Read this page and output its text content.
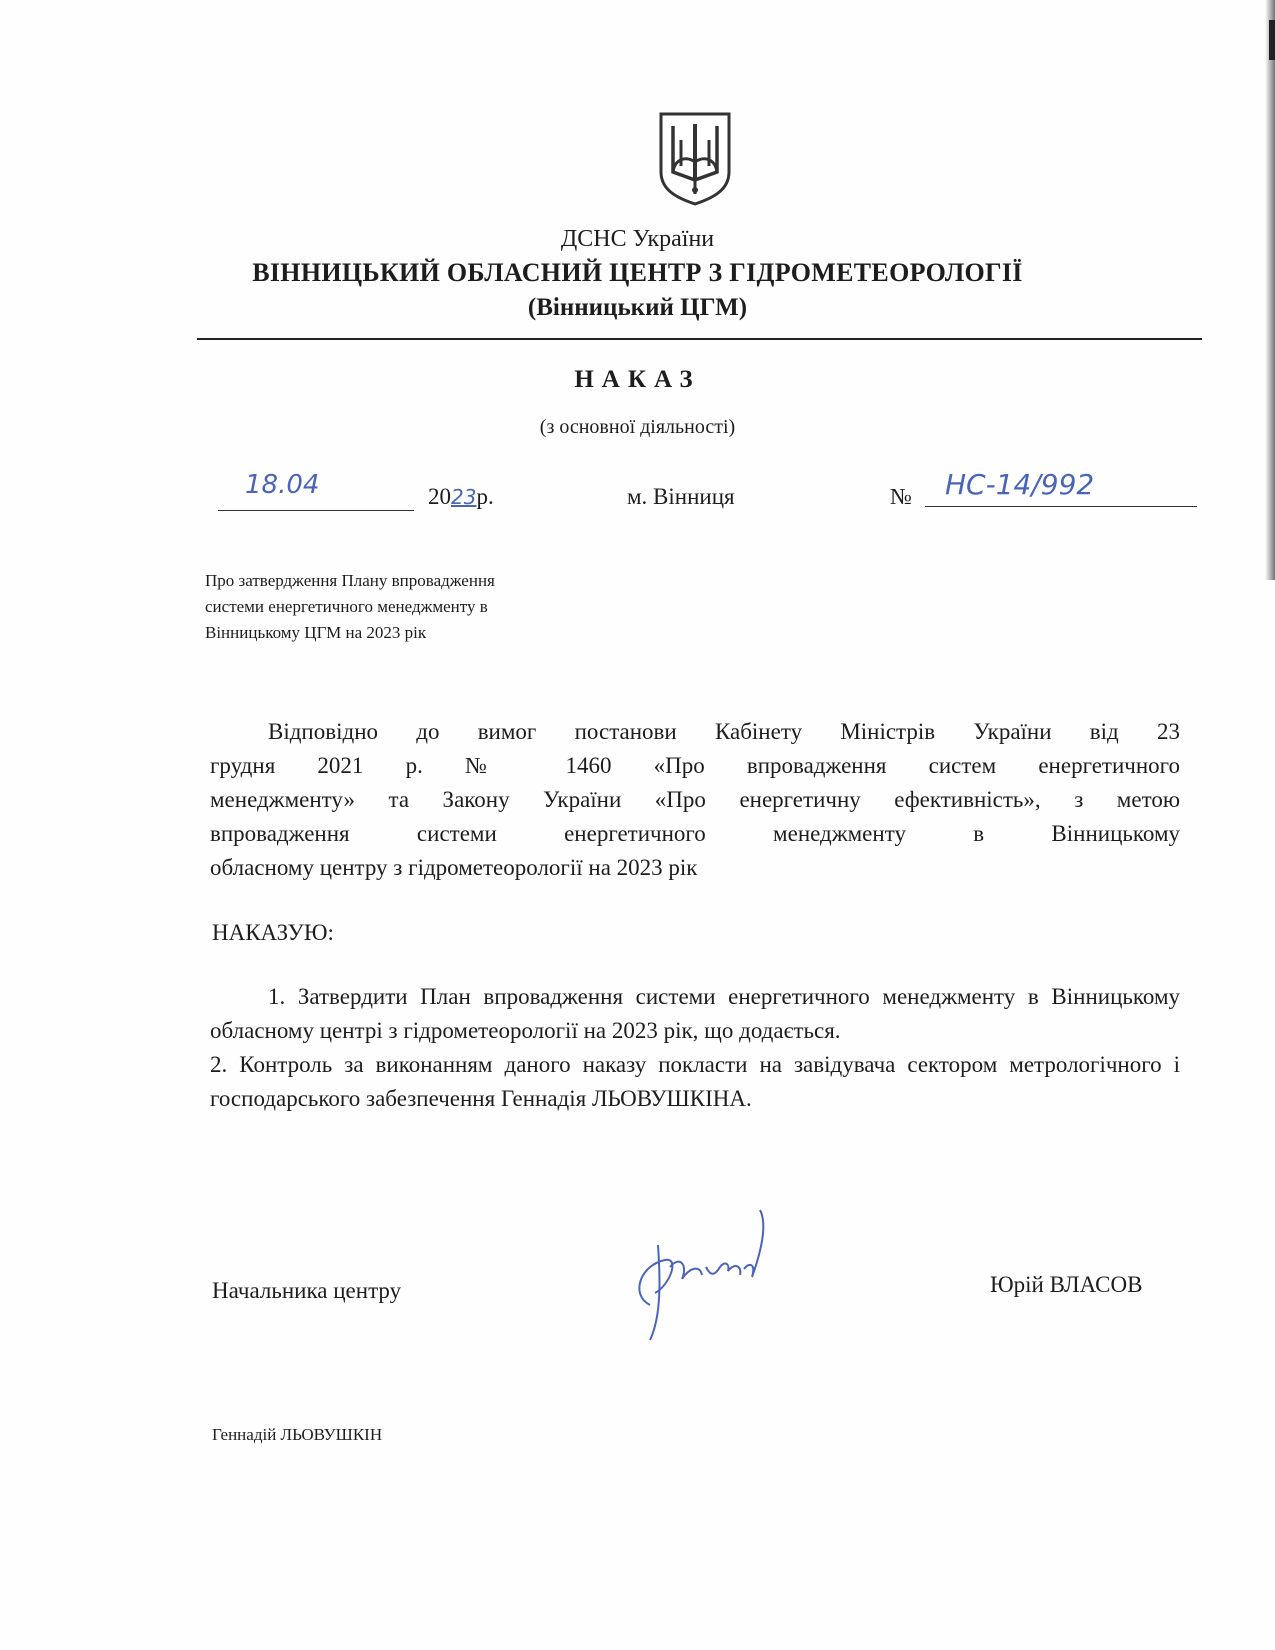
ДСНС України
ВІННИЦЬКИЙ ОБЛАСНИЙ ЦЕНТР З ГІДРОМЕТЕОРОЛОГІЇ
(Вінницький ЦГМ)
НАКАЗ
(з основної діяльності)
18.04	2023р.	м. Вінниця	№ НС-14/992
Про затвердження Плану впровадження
системи енергетичного менеджменту в
Вінницькому ЦГМ на 2023 рік
Відповідно до вимог постанови Кабінету Міністрів України від 23
грудня 2021 р. № 1460 «Про впровадження систем енергетичного
менеджменту» та Закону України «Про енергетичну ефективність», з метою
впровадження системи енергетичного менеджменту в Вінницькому
обласному центру з гідрометеорології на 2023 рік
НАКАЗУЮ:
1. Затвердити План впровадження системи енергетичного менеджменту в Вінницькому обласному центрі з гідрометеорології на 2023 рік, що додається.
2. Контроль за виконанням даного наказу покласти на завідувача сектором метрологічного і господарського забезпечення Геннадія ЛЬОВУШКІНА.
Начальника центру	Юрій ВЛАСОВ
Геннадій ЛЬОВУШКІН
